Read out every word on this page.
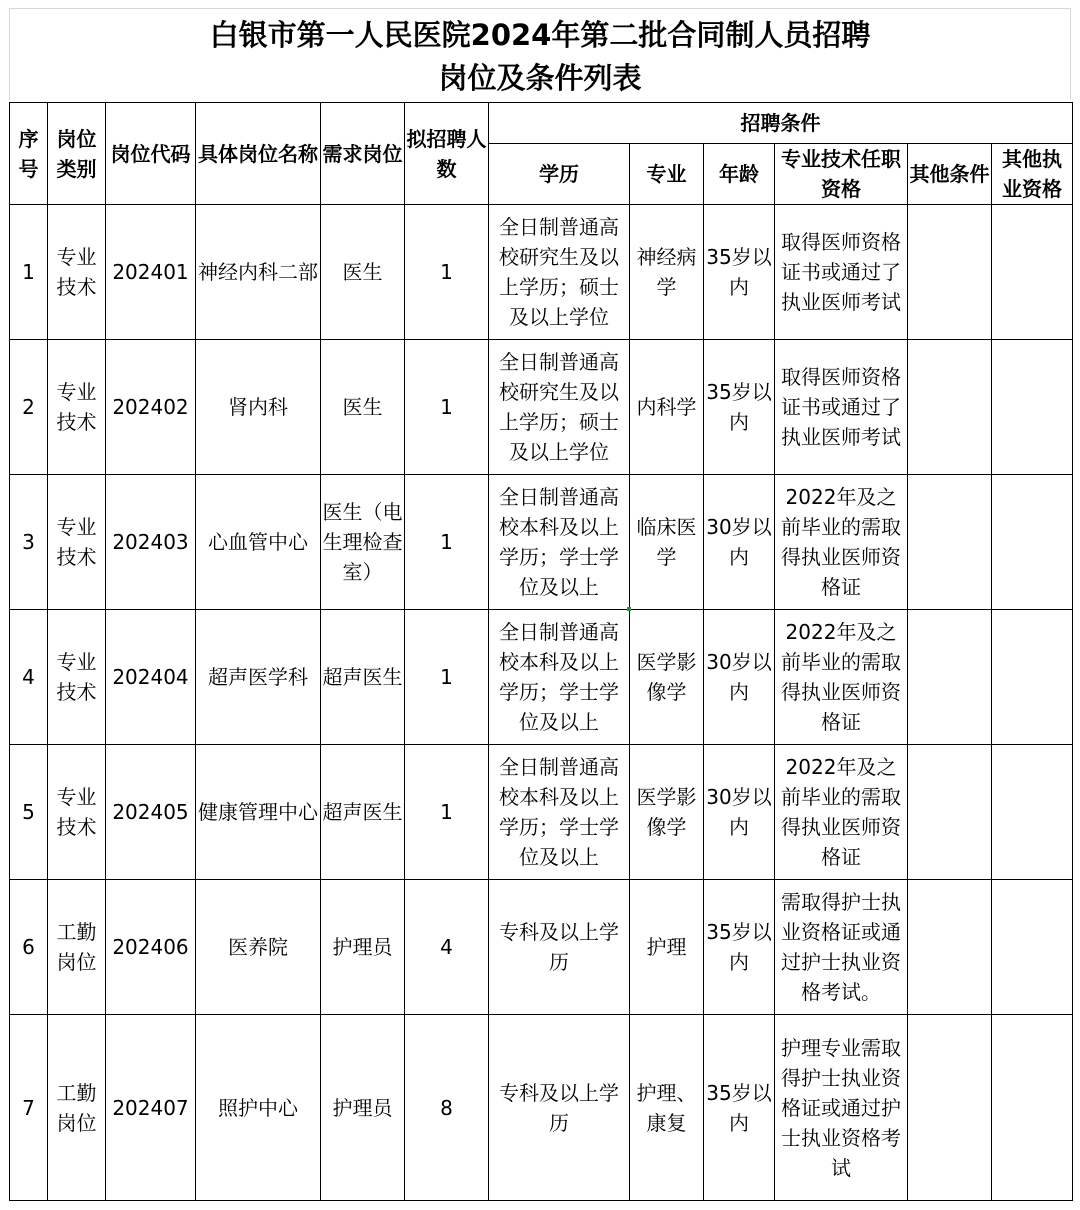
白银市第一人民医院2024年第二批合同制人员招聘
岗位及条件列表
序号	岗位类别	岗位代码	具体岗位名称	需求岗位	拟招聘人数	招聘条件					
						学历	专业	年龄	专业技术任职资格	其他条件	其他执业资格
1	专业技术	202401	神经内科二部	医生	1	全日制普通高校研究生及以上学历；硕士及以上学位	神经病学	35岁以内	取得医师资格证书或通过了执业医师考试		
2	专业技术	202402	肾内科	医生	1	全日制普通高校研究生及以上学历；硕士及以上学位	内科学	35岁以内	取得医师资格证书或通过了执业医师考试		
3	专业技术	202403	心血管中心	医生（电生理检查室）	1	全日制普通高校本科及以上学历；学士学位及以上	临床医学	30岁以内	2022年及之前毕业的需取得执业医师资格证		
4	专业技术	202404	超声医学科	超声医生	1	全日制普通高校本科及以上学历；学士学位及以上	医学影像学	30岁以内	2022年及之前毕业的需取得执业医师资格证		
5	专业技术	202405	健康管理中心	超声医生	1	全日制普通高校本科及以上学历；学士学位及以上	医学影像学	30岁以内	2022年及之前毕业的需取得执业医师资格证		
6	工勤岗位	202406	医养院	护理员	4	专科及以上学历	护理	35岁以内	需取得护士执业资格证或通过护士执业资格考试。		
7	工勤岗位	202407	照护中心	护理员	8	专科及以上学历	护理、康复	35岁以内	护理专业需取得护士执业资格证或通过护士执业资格考试		
